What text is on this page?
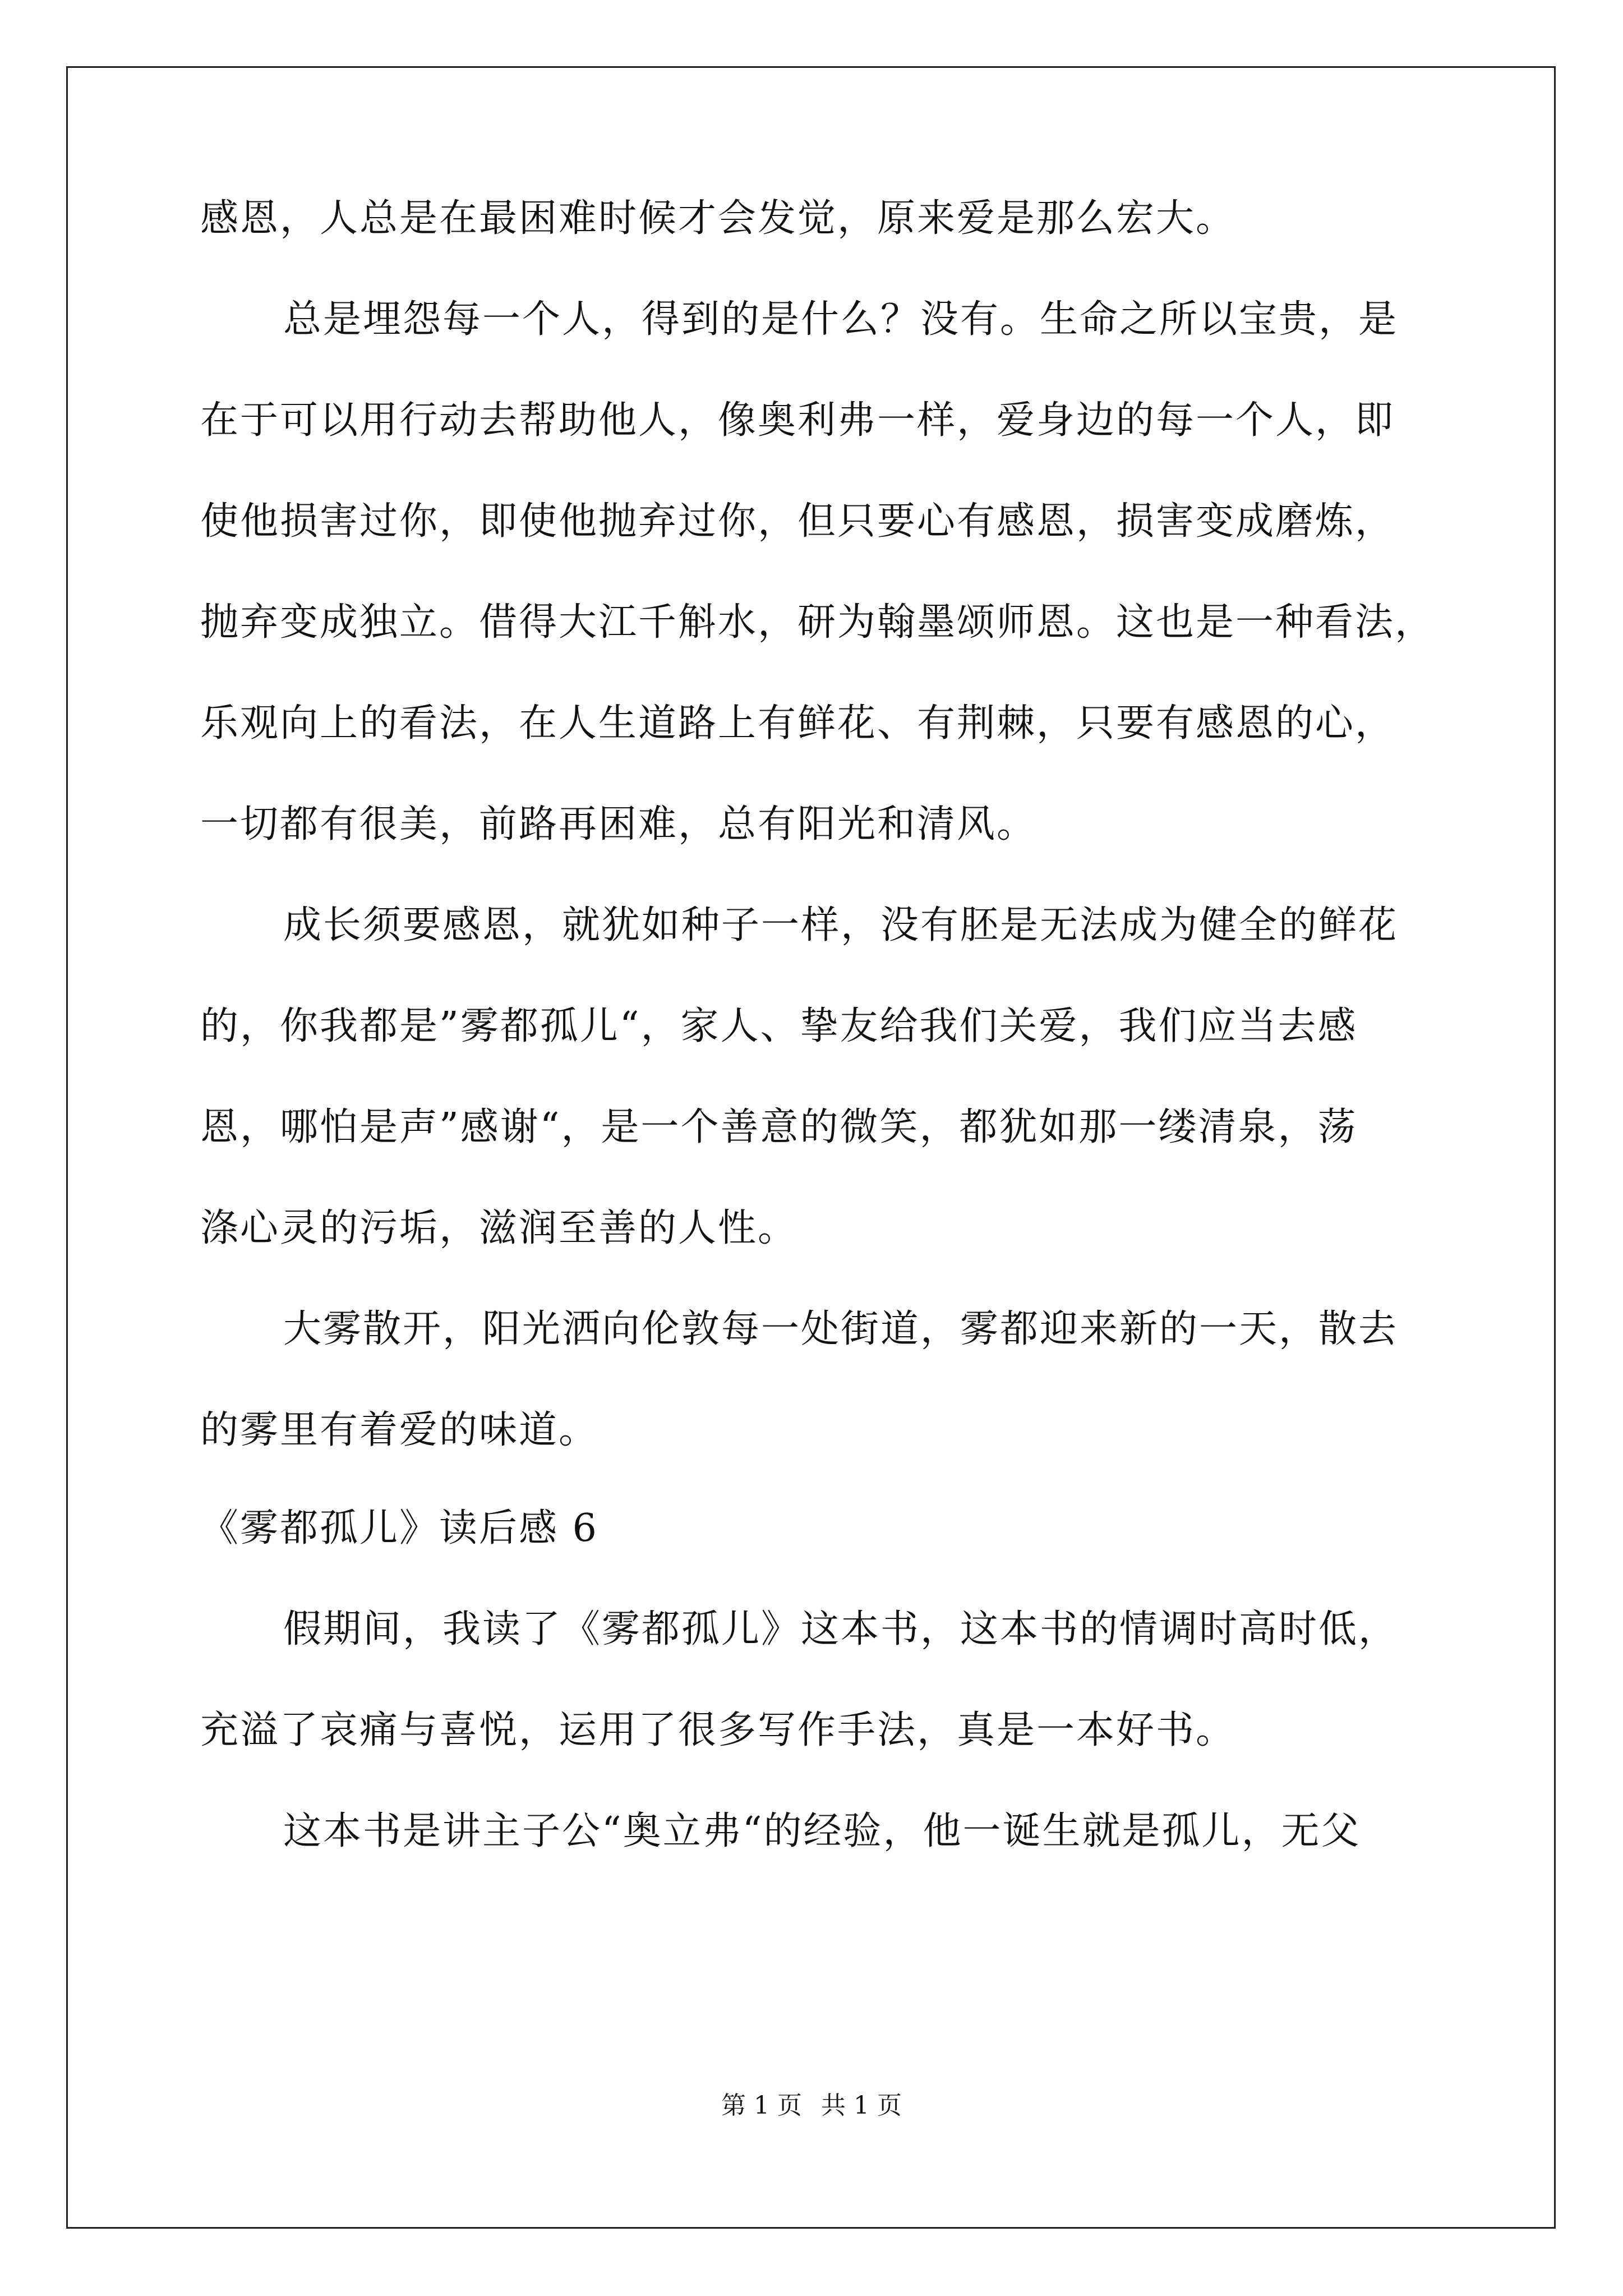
感恩，人总是在最困难时候才会发觉，原来爱是那么宏大。
总是埋怨每一个人，得到的是什么？没有。生命之所以宝贵，是
在于可以用行动去帮助他人，像奥利弗一样，爱身边的每一个人，即
使他损害过你，即使他抛弃过你，但只要心有感恩，损害变成磨炼，
抛弃变成独立。借得大江千斛水，研为翰墨颂师恩。这也是一种看法，
乐观向上的看法，在人生道路上有鲜花、有荆棘，只要有感恩的心，
一切都有很美，前路再困难，总有阳光和清风。
成长须要感恩，就犹如种子一样，没有胚是无法成为健全的鲜花
的，你我都是”雾都孤儿“，家人、挚友给我们关爱，我们应当去感
恩，哪怕是声”感谢“，是一个善意的微笑，都犹如那一缕清泉，荡
涤心灵的污垢，滋润至善的人性。
大雾散开，阳光洒向伦敦每一处街道，雾都迎来新的一天，散去
的雾里有着爱的味道。
《雾都孤儿》读后感 6
假期间，我读了《雾都孤儿》这本书，这本书的情调时高时低，
充溢了哀痛与喜悦，运用了很多写作手法，真是一本好书。
这本书是讲主子公“奥立弗“的经验，他一诞生就是孤儿，无父
第 1 页 共 1 页
